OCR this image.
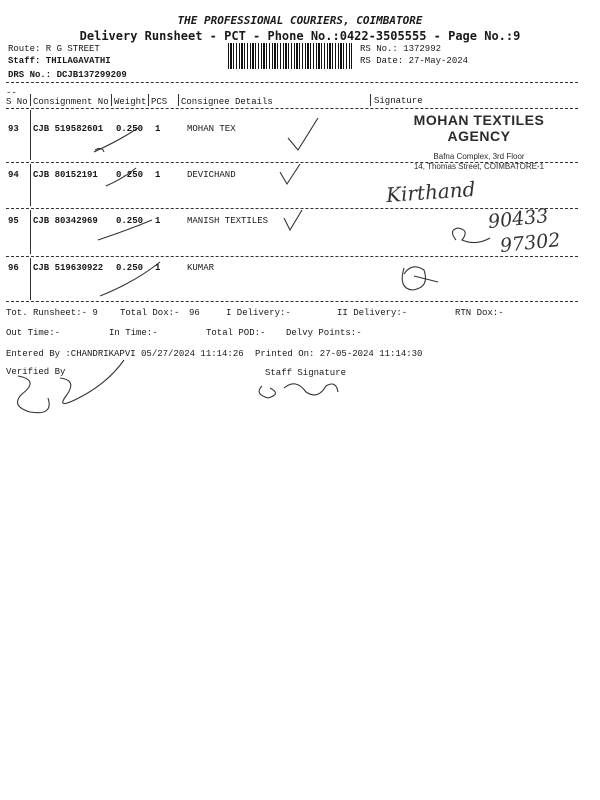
THE PROFESSIONAL COURIERS, COIMBATORE
Delivery Runsheet - PCT - Phone No.:0422-3505555 - Page No.:9
Route: R G STREET
Staff: THILAGAVATHI
DRS No.: DCJB137299209
RS No.: 1372992
RS Date: 27-May-2024
--
S No Consignment No Weight PCS Consignee Details	Signature
93 CJB 519582601 0.250 1	MOHAN TEX
94 CJB 80152191 0.250 1	DEVICHAND
95 CJB 80342969 0.250 1	MANISH TEXTILES
96 CJB 519630922 0.250 1	KUMAR
MOHAN TEXTILES AGENCY
Bafna Complex, 3rd Floor
14, Thomas Street, COIMBATORE-1
Kirthand
90433
97302
Tot. Runsheet:- 9 Total Dox:- 96	I Delivery:-	II Delivery:-	RTN Dox:-
Out Time:-	In Time:-	Total POD:- Delvy Points:-
Entered By :CHANDRIKAPVI 05/27/2024 11:14:26 Printed On: 27-05-2024 11:14:30
Verified By	Staff Signature
